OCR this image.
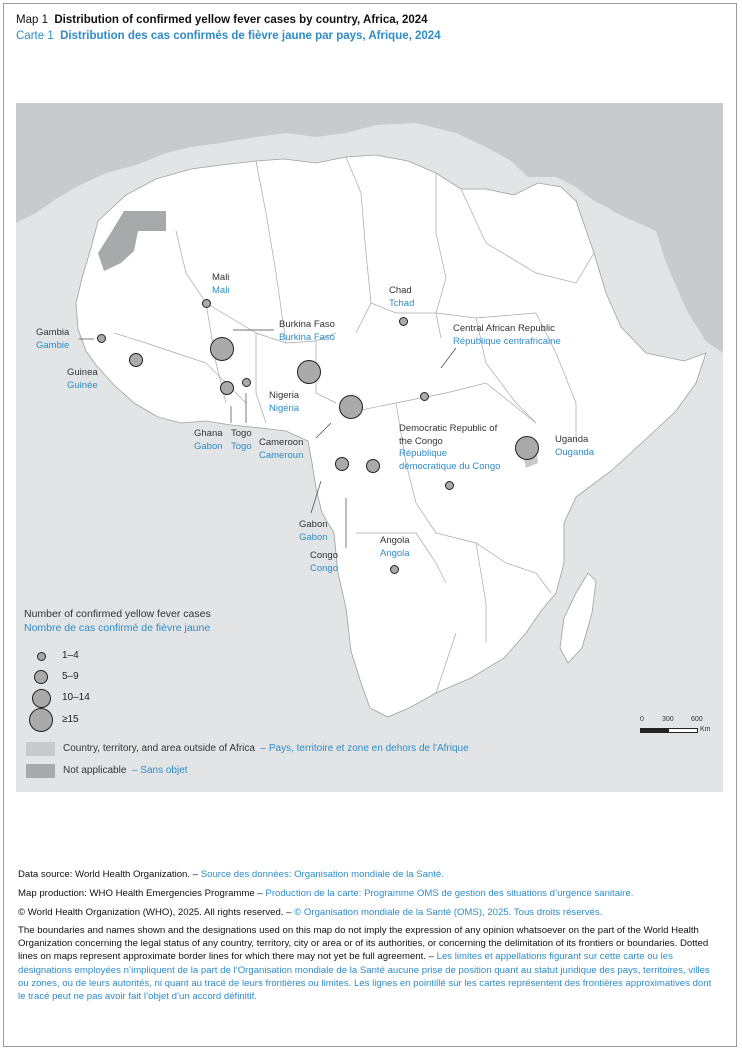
Map 1 Distribution of confirmed yellow fever cases by country, Africa, 2024
Carte 1 Distribution des cas confirmés de fièvre jaune par pays, Afrique, 2024
Mali
Mali
Gambia
Gambie
Guinea
Guinée
Burkina Faso
Burkina Faso
Ghana
Gabon
Togo
Togo
Nigeria
Nigéria
Cameroon
Cameroun
Chad
Tchad
Central African Republic
République centrafricaine
Democratic Republic of
the Congo
République
démocratique du Congo
Uganda
Ouganda
Gabon
Gabon
Congo
Congo
Angola
Angola
Number of confirmed yellow fever cases
Nombre de cas confirmé de fièvre jaune
1–4
5–9
10–14
≥15
Country, territory, and area outside of Africa – Pays, territoire et zone en dehors de l'Afrique
Not applicable – Sans objet
0	300 600
Km
Data source: World Health Organization. – Source des données: Organisation mondiale de la Santé.
Map production: WHO Health Emergencies Programme – Production de la carte: Programme OMS de gestion des situations d’urgence sanitaire.
© World Health Organization (WHO), 2025. All rights reserved. – © Organisation mondiale de la Santé (OMS), 2025. Tous droits réservés.
The boundaries and names shown and the designations used on this map do not imply the expression of any opinion whatsoever on the part of the World Health Organization concerning the legal status of any country, territory, city or area or of its authorities, or concerning the delimitation of its frontiers or boundaries. Dotted lines on maps represent approximate border lines for which there may not yet be full agreement. – Les limites et appellations figurant sur cette carte ou les désignations employées n’impliquent de la part de l’Organisation mondiale de la Santé aucune prise de position quant au statut juridique des pays, territoires, villes ou zones, ou de leurs autorités, ni quant au tracé de leurs frontières ou limites. Les lignes en pointillé sur les cartes représentent des frontières approximatives dont le tracé peut ne pas avoir fait l’objet d’un accord définitif.
